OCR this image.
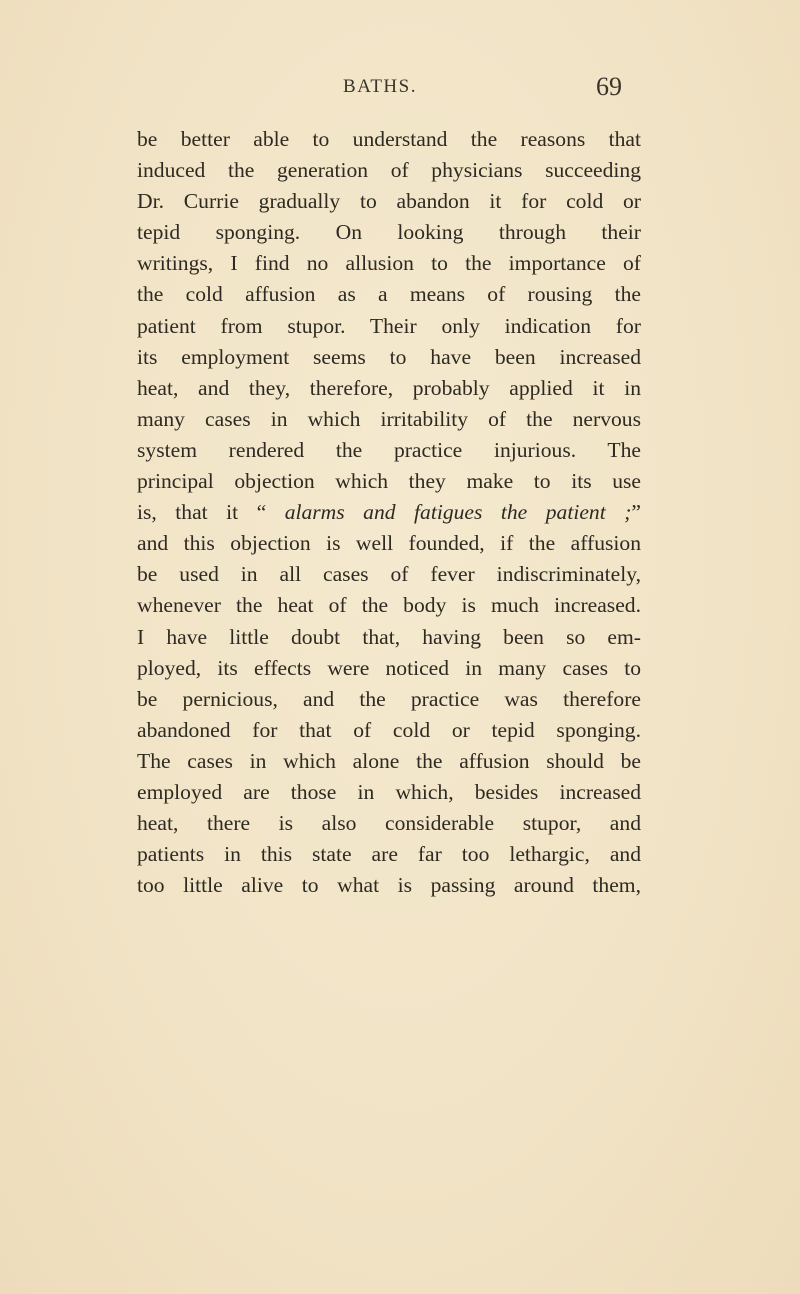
BATHS.	69
be better able to understand the reasons that
induced the generation of physicians succeeding
Dr. Currie gradually to abandon it for cold or
tepid sponging. On looking through their
writings, I find no allusion to the importance of
the cold affusion as a means of rousing the
patient from stupor. Their only indication for
its employment seems to have been increased
heat, and they, therefore, probably applied it in
many cases in which irritability of the nervous
system rendered the practice injurious. The
principal objection which they make to its use
is, that it “ alarms and fatigues the patient ;”
and this objection is well founded, if the affusion
be used in all cases of fever indiscriminately,
whenever the heat of the body is much increased.
I have little doubt that, having been so em-
ployed, its effects were noticed in many cases to
be pernicious, and the practice was therefore
abandoned for that of cold or tepid sponging.
The cases in which alone the affusion should be
employed are those in which, besides increased
heat, there is also considerable stupor, and
patients in this state are far too lethargic, and
too little alive to what is passing around them,
